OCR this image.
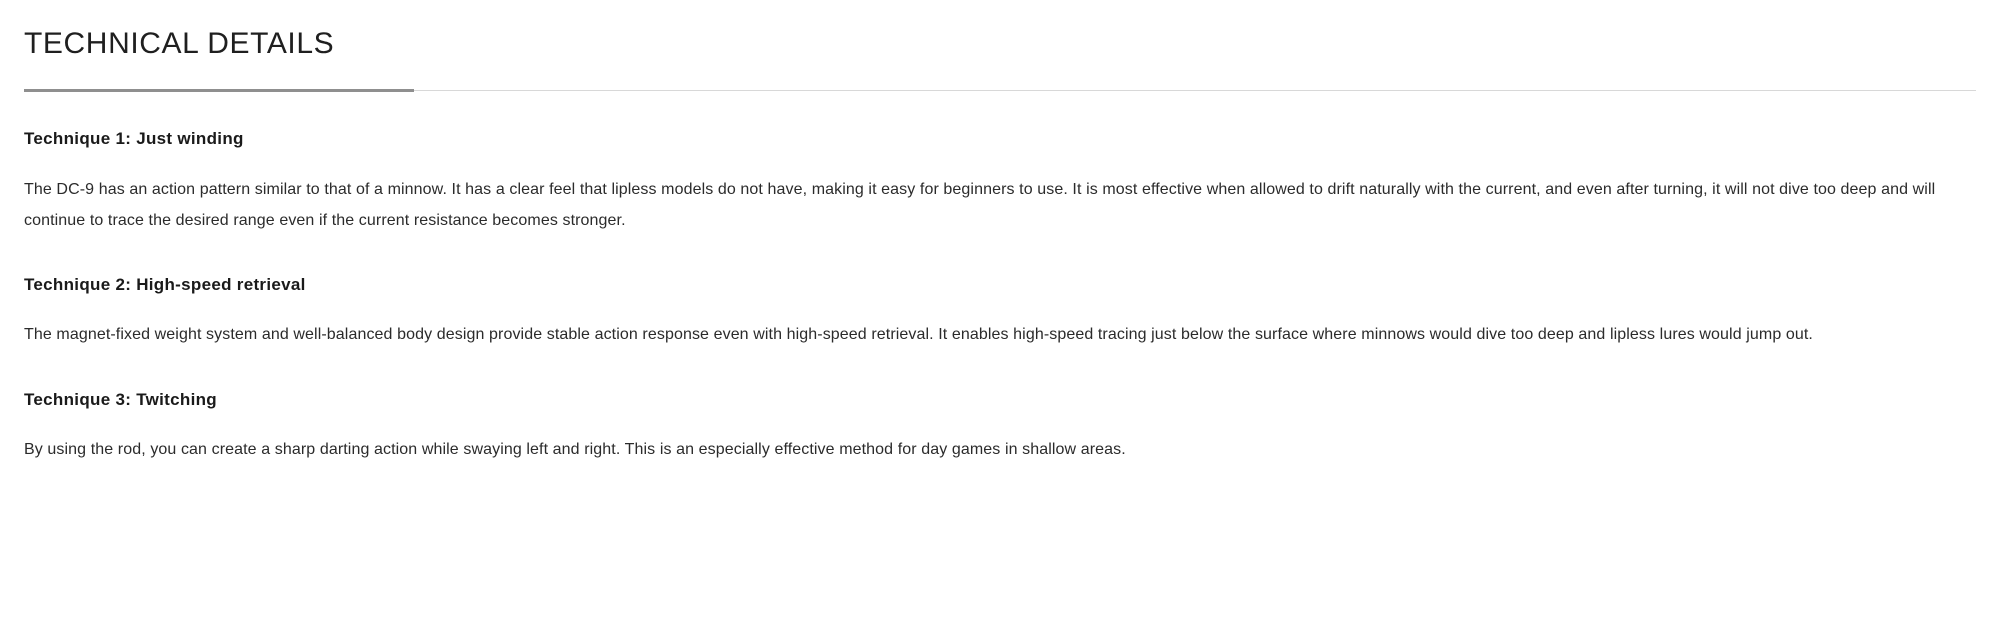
TECHNICAL DETAILS
Technique 1: Just winding

The DC-9 has an action pattern similar to that of a minnow. It has a clear feel that lipless models do not have, making it easy for beginners to use. It is most effective when allowed to drift naturally with the current, and even after turning, it will not dive too deep and will continue to trace the desired range even if the current resistance becomes stronger.

Technique 2: High-speed retrieval

The magnet-fixed weight system and well-balanced body design provide stable action response even with high-speed retrieval. It enables high-speed tracing just below the surface where minnows would dive too deep and lipless lures would jump out.

Technique 3: Twitching

By using the rod, you can create a sharp darting action while swaying left and right. This is an especially effective method for day games in shallow areas.
